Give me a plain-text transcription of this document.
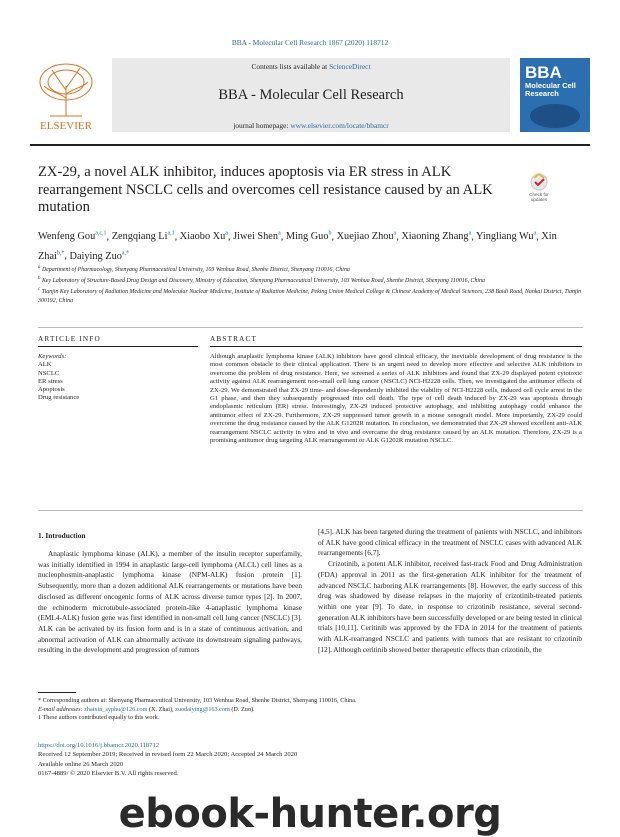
BBA - Molecular Cell Research 1867 (2020) 118712
ELSEVIER
Contents lists available at ScienceDirect
BBA - Molecular Cell Research
journal homepage: www.elsevier.com/locate/bbamcr
BBA
Molecular Cell
Research
ZX-29, a novel ALK inhibitor, induces apoptosis via ER stress in ALK rearrangement NSCLC cells and overcomes cell resistance caused by an ALK mutation
Check for
updates
Wenfeng Gou$^{a,c,1}$, Zengqiang Li$^{a,1}$, Xiaobo Xu$^a$, Jiwei Shen$^a$, Ming Guo$^b$, Xuejiao Zhou$^a$, Xiaoning Zhang$^a$, Yingliang Wu$^a$, Xin Zhai$^{b,*}$, Daiying Zuo$^{a,*}$

$^a$ Department of Pharmacology, Shenyang Pharmaceutical University, 103 Wenhua Road, Shenhe District, Shenyang 110016, China

$^b$ Key Laboratory of Structure-Based Drug Design and Discovery, Ministry of Education, Shenyang Pharmaceutical University, 103 Wenhua Road, Shenhe District, Shenyang 110016, China

$^c$ Tianjin Key Laboratory of Radiation Medicine and Molecular Nuclear Medicine, Institute of Radiation Medicine, Peking Union Medical College & Chinese Academy of Medical Sciences, 238 Baidi Road, Nankai District, Tianjin 300192, China

ARTICLE INFO	ABSTRACT
Keywords:
ALK
NSCLC
ER stress
Apoptosis
Drug resistance
Although anaplastic lymphoma kinase (ALK) inhibitors have good clinical efficacy, the inevitable development of drug resistance is the most common obstacle to their clinical application. There is an urgent need to develop more effective and selective ALK inhibitors to overcome the problem of drug resistance. Here, we screened a series of ALK inhibitors and found that ZX-29 displayed potent cytotoxic activity against ALK rearrangement non-small cell lung cancer (NSCLC) NCI-H2228 cells. Then, we investigated the antitumor effects of ZX-29. We demonstrated that ZX-29 time- and dose-dependently inhibited the viability of NCI-H2228 cells, induced cell cycle arrest in the G1 phase, and then they subsequently progressed into cell death. The type of cell death induced by ZX-29 was apoptosis through endoplasmic reticulum (ER) stress. Interestingly, ZX-29 induced protective autophagy, and inhibiting autophagy could enhance the antitumor effect of ZX-29. Furthermore, ZX-29 suppressed tumor growth in a mouse xenograft model. More importantly, ZX-29 could overcome the drug resistance caused by the ALK G1202R mutation. In conclusion, we demonstrated that ZX-29 showed excellent anti-ALK rearrangement NSCLC activity in vitro and in vivo and overcame the drug resistance caused by an ALK mutation. Therefore, ZX-29 is a promising antitumor drug targeting ALK rearrangement or ALK G1202R mutation NSCLC.
1. Introduction

Anaplastic lymphoma kinase (ALK), a member of the insulin receptor superfamily, was initially identified in 1994 in anaplastic large-cell lymphoma (ALCL) cell lines as a nucleophosmin-anaplastic lymphoma kinase (NPM-ALK) fusion protein [1]. Subsequently, more than a dozen additional ALK rearrangements or mutations have been disclosed as different oncogenic forms of ALK across diverse tumor types [2]. In 2007, the echinoderm microtubule-associated protein-like 4-anaplastic lymphoma kinase (EML4-ALK) fusion gene was first identified in non-small cell lung cancer (NSCLC) [3]. ALK can be activated by its fusion form and is in a state of continuous activation, and abnormal activation of ALK can abnormally activate its downstream signaling pathways, resulting in the development and progression of tumors

[4,5]. ALK has been targeted during the treatment of patients with NSCLC, and inhibitors of ALK have good clinical efficacy in the treatment of NSCLC cases with advanced ALK rearrangements [6,7].

Crizotinib, a potent ALK inhibitor, received fast-track Food and Drug Administration (FDA) approval in 2011 as the first-generation ALK inhibitor for the treatment of advanced NSCLC harboring ALK rearrangements [8]. However, the early success of this drug was shadowed by disease relapses in the majority of crizotinib-treated patients within one year [9]. To date, in response to crizotinib resistance, several second-generation ALK inhibitors have been successfully developed or are being tested in clinical trials [10,11]. Ceritinib was approved by the FDA in 2014 for the treatment of patients with ALK-rearranged NSCLC and patients with tumors that are resistant to crizotinib [12]. Although ceritinib showed better therapeutic effects than crizotinib, the

* Corresponding authors at: Shenyang Pharmaceutical University, 103 Wenhua Road, Shenhe District, Shenyang 110016, China.

E-mail addresses: zhaixin_syphu@126.com (X. Zhai), zuodaiying@163.com (D. Zuo).

1 These authors contributed equally to this work.

https://doi.org/10.1016/j.bbamcr.2020.118712

Received 12 September 2019; Received in revised form 22 March 2020; Accepted 24 March 2020

Available online 26 March 2020

0167-4889/ © 2020 Elsevier B.V. All rights reserved.

ebook-hunter.org
